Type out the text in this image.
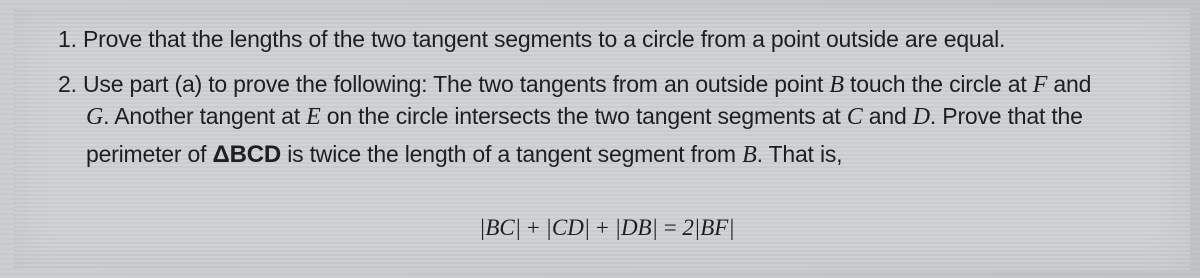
1. Prove that the lengths of the two tangent segments to a circle from a point outside are equal.
2. Use part (a) to prove the following: The two tangents from an outside point B touch the circle at F and
G. Another tangent at E on the circle intersects the two tangent segments at C and D. Prove that the
perimeter of ΔBCD is twice the length of a tangent segment from B. That is,
|BC| + |CD| + |DB| = 2|BF|
